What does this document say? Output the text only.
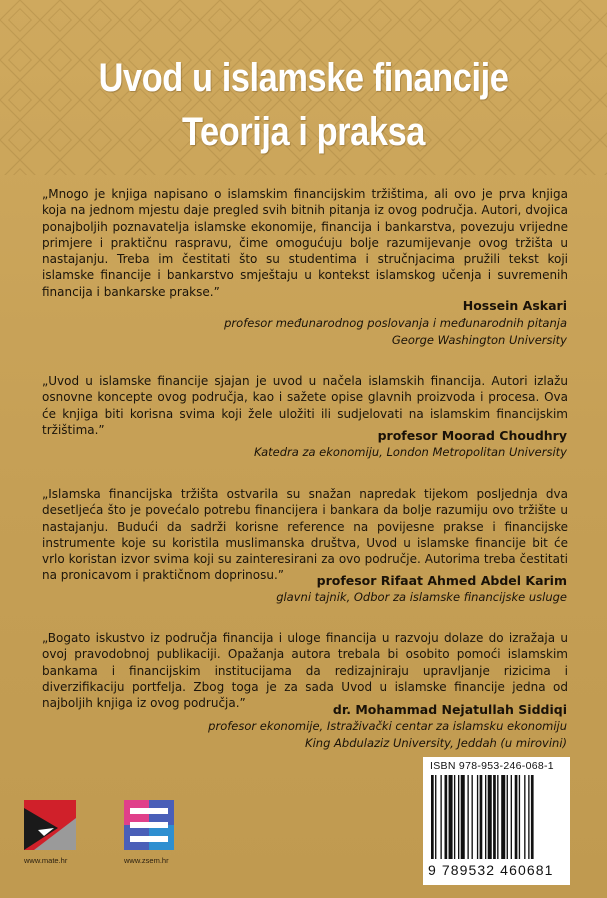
Uvod u islamske financije
Teorija i praksa
„Mnogo je knjiga napisano o islamskim financijskim tržištima, ali ovo je prva knjiga koja na jednom mjestu daje pregled svih bitnih pitanja iz ovog područja. Autori, dvojica ponajboljih poznavatelja islamske ekonomije, financija i bankarstva, povezuju vrijedne primjere i praktičnu raspravu, čime omogućuju bolje razumijevanje ovog tržišta u nastajanju. Treba im čestitati što su studentima i stručnjacima pružili tekst koji islamske financije i bankarstvo smještaju u kontekst islamskog učenja i suvremenih financija i bankarske prakse.”
Hossein Askari
profesor međunarodnog poslovanja i međunarodnih pitanja
George Washington University
„Uvod u islamske financije sjajan je uvod u načela islamskih financija. Autori izlažu osnovne koncepte ovog područja, kao i sažete opise glavnih proizvoda i procesa. Ova će knjiga biti korisna svima koji žele uložiti ili sudjelovati na islamskim financijskim tržištima.”	profesor Moorad Choudhry
Katedra za ekonomiju, London Metropolitan University
„Islamska financijska tržišta ostvarila su snažan napredak tijekom posljednja dva desetljeća što je povećalo potrebu financijera i bankara da bolje razumiju ovo tržište u nastajanju. Budući da sadrži korisne reference na povijesne prakse i financijske instrumente koje su koristila muslimanska društva, Uvod u islamske financije bit će vrlo koristan izvor svima koji su zainteresirani za ovo područje. Autorima treba čestitati na pronicavom i praktičnom doprinosu.”	profesor Rifaat Ahmed Abdel Karim
glavni tajnik, Odbor za islamske financijske usluge
„Bogato iskustvo iz područja financija i uloge financija u razvoju dolaze do izražaja u ovoj pravodobnoj publikaciji. Opažanja autora trebala bi osobito pomoći islamskim bankama i financijskim institucijama da redizajniraju upravljanje rizicima i diverzifikaciju portfelja. Zbog toga je za sada Uvod u islamske financije jedna od najboljih knjiga iz ovog područja.”	dr. Mohammad Nejatullah Siddiqi
profesor ekonomije, Istraživački centar za islamsku ekonomiju
King Abdulaziz University, Jeddah (u mirovini)
www.mate.hr	www.zsem.hr
ISBN 978-953-246-068-1
9 789532 460681
